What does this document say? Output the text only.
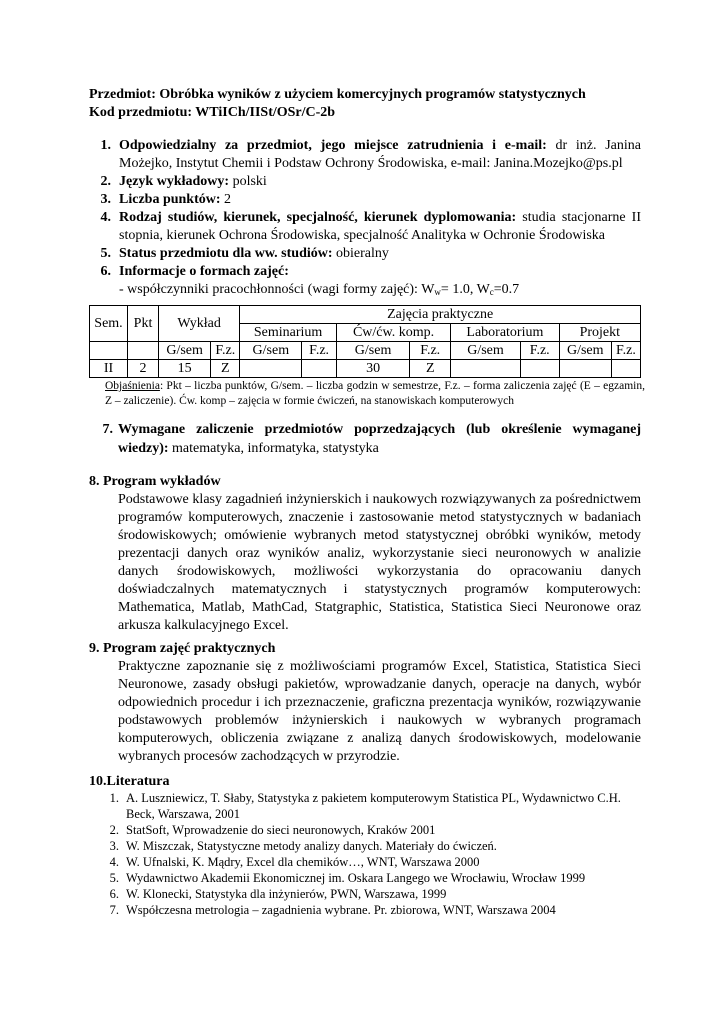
Przedmiot: Obróbka wyników z użyciem komercyjnych programów statystycznych
Kod przedmiotu: WTiICh/IISt/OSr/C-2b
1. Odpowiedzialny za przedmiot, jego miejsce zatrudnienia i e-mail: dr inż. Janina Możejko, Instytut Chemii i Podstaw Ochrony Środowiska, e-mail: Janina.Mozejko@ps.pl
2. Język wykładowy: polski
3. Liczba punktów: 2
4. Rodzaj studiów, kierunek, specjalność, kierunek dyplomowania: studia stacjonarne II stopnia, kierunek Ochrona Środowiska, specjalność Analityka w Ochronie Środowiska
5. Status przedmiotu dla ww. studiów: obieralny
6. Informacje o formach zajęć:
- współczynniki pracochłonności (wagi formy zajęć): $W_w= 1.0$, $W_c=0.7$
Sem.	Pkt	Wykład		Zajęcia praktyczne							
				Seminarium		Ćw/ćw. komp.		Laboratorium		Projekt	
		G/sem	F.z.	G/sem	F.z.	G/sem	F.z.	G/sem	F.z.	G/sem	F.z.
II	2	15	Z			30	Z				
Objaśnienia: Pkt – liczba punktów, G/sem. – liczba godzin w semestrze, F.z. – forma zaliczenia zajęć (E – egzamin, Z – zaliczenie). Ćw. komp – zajęcia w formie ćwiczeń, na stanowiskach komputerowych
7. Wymagane zaliczenie przedmiotów poprzedzających (lub określenie wymaganej wiedzy): matematyka, informatyka, statystyka
8. Program wykładów
Podstawowe klasy zagadnień inżynierskich i naukowych rozwiązywanych za pośrednictwem programów komputerowych, znaczenie i zastosowanie metod statystycznych w badaniach środowiskowych; omówienie wybranych metod statystycznej obróbki wyników, metody prezentacji danych oraz wyników analiz, wykorzystanie sieci neuronowych w analizie danych środowiskowych, możliwości wykorzystania do opracowaniu danych doświadczalnych matematycznych i statystycznych programów komputerowych: Mathematica, Matlab, MathCad, Statgraphic, Statistica, Statistica Sieci Neuronowe oraz arkusza kalkulacyjnego Excel.
9. Program zajęć praktycznych
Praktyczne zapoznanie się z możliwościami programów Excel, Statistica, Statistica Sieci Neuronowe, zasady obsługi pakietów, wprowadzanie danych, operacje na danych, wybór odpowiednich procedur i ich przeznaczenie, graficzna prezentacja wyników, rozwiązywanie podstawowych problemów inżynierskich i naukowych w wybranych programach komputerowych, obliczenia związane z analizą danych środowiskowych, modelowanie wybranych procesów zachodzących w przyrodzie.
10.Literatura
1. A. Luszniewicz, T. Słaby, Statystyka z pakietem komputerowym Statistica PL, Wydawnictwo C.H. Beck, Warszawa, 2001
2. StatSoft, Wprowadzenie do sieci neuronowych, Kraków 2001
3. W. Miszczak, Statystyczne metody analizy danych. Materiały do ćwiczeń.
4. W. Ufnalski, K. Mądry, Excel dla chemików…, WNT, Warszawa 2000
5. Wydawnictwo Akademii Ekonomicznej im. Oskara Langego we Wrocławiu, Wrocław 1999
6. W. Klonecki, Statystyka dla inżynierów, PWN, Warszawa, 1999
7. Współczesna metrologia – zagadnienia wybrane. Pr. zbiorowa, WNT, Warszawa 2004
